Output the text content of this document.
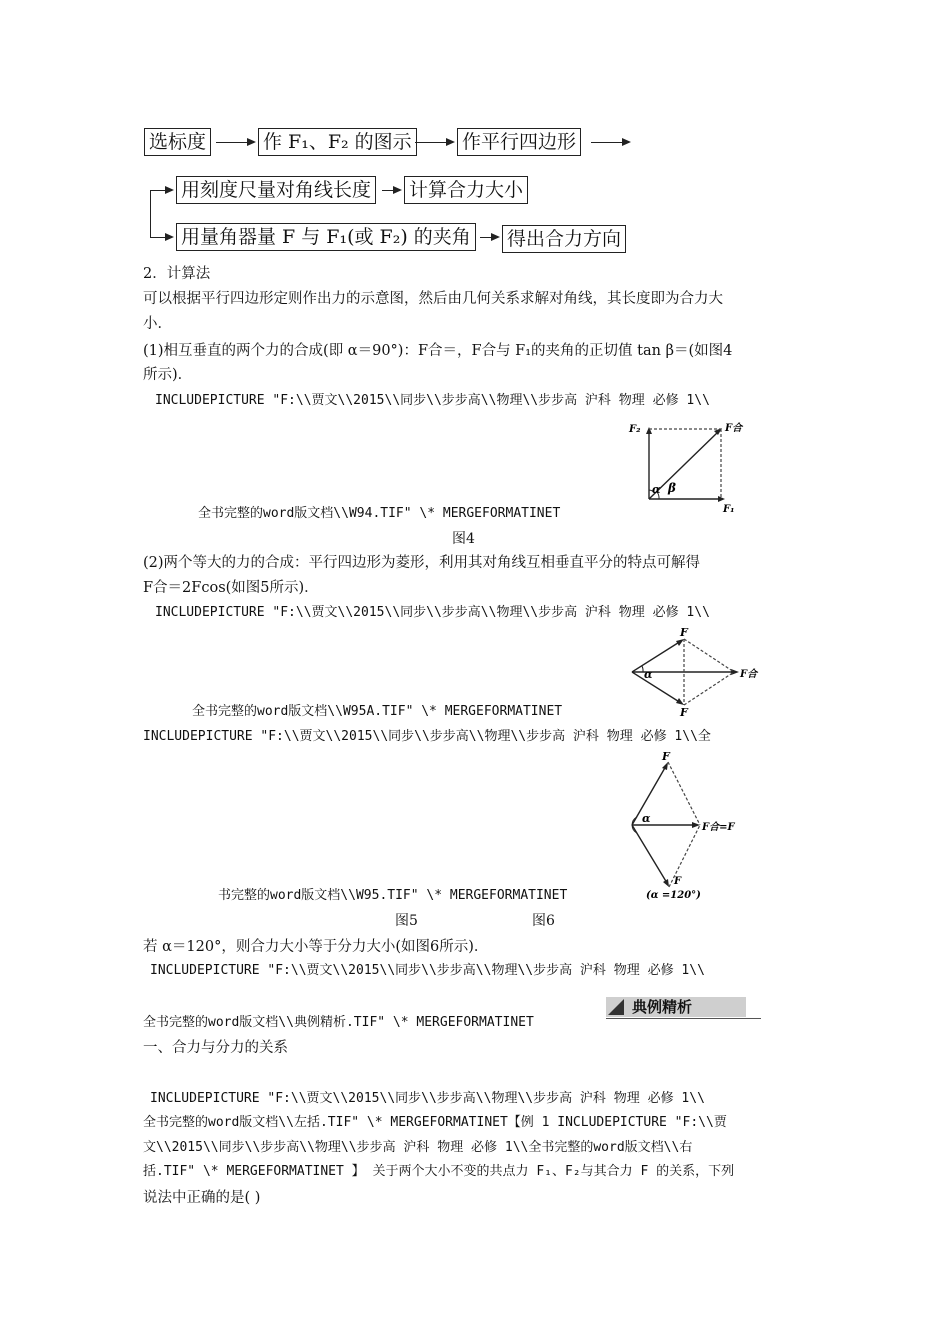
选标度	作 F₁、F₂ 的图示	作平行四边形
用刻度尺量对角线长度 计算合力大小
用量角器量 F 与 F₁(或 F₂) 的夹角 得出合力方向
2．计算法
可以根据平行四边形定则作出力的示意图，然后由几何关系求解对角线，其长度即为合力大
小．
(1)相互垂直的两个力的合成(即 α＝90°)：F合＝，F合与 F₁的夹角的正切值 tan β＝(如图4
所示)．
INCLUDEPICTURE "F:\\贾文\\2015\\同步\\步步高\\物理\\步步高 沪科 物理 必修 1\\
α β
F₂	F合
F₁
全书完整的word版文档\\W94.TIF" \* MERGEFORMATINET
图4
(2)两个等大的力的合成：平行四边形为菱形，利用其对角线互相垂直平分的特点可解得
F合＝2Fcos(如图5所示)．
INCLUDEPICTURE "F:\\贾文\\2015\\同步\\步步高\\物理\\步步高 沪科 物理 必修 1\\
α
F
F
F合
全书完整的word版文档\\W95A.TIF" \* MERGEFORMATINET
INCLUDEPICTURE "F:\\贾文\\2015\\同步\\步步高\\物理\\步步高 沪科 物理 必修 1\\全
α
F
F合=F
F
(α =120°)
书完整的word版文档\\W95.TIF" \* MERGEFORMATINET
图5	图6
若 α＝120°，则合力大小等于分力大小(如图6所示)．
INCLUDEPICTURE "F:\\贾文\\2015\\同步\\步步高\\物理\\步步高 沪科 物理 必修 1\\
全书完整的word版文档\\典例精析.TIF" \* MERGEFORMATINET
典例精析
一、合力与分力的关系
INCLUDEPICTURE "F:\\贾文\\2015\\同步\\步步高\\物理\\步步高 沪科 物理 必修 1\\
全书完整的word版文档\\左括.TIF" \* MERGEFORMATINET【例 1 INCLUDEPICTURE "F:\\贾
文\\2015\\同步\\步步高\\物理\\步步高 沪科 物理 必修 1\\全书完整的word版文档\\右
括.TIF" \* MERGEFORMATINET 】 关于两个大小不变的共点力 F₁、F₂与其合力 F 的关系，下列
说法中正确的是( )
